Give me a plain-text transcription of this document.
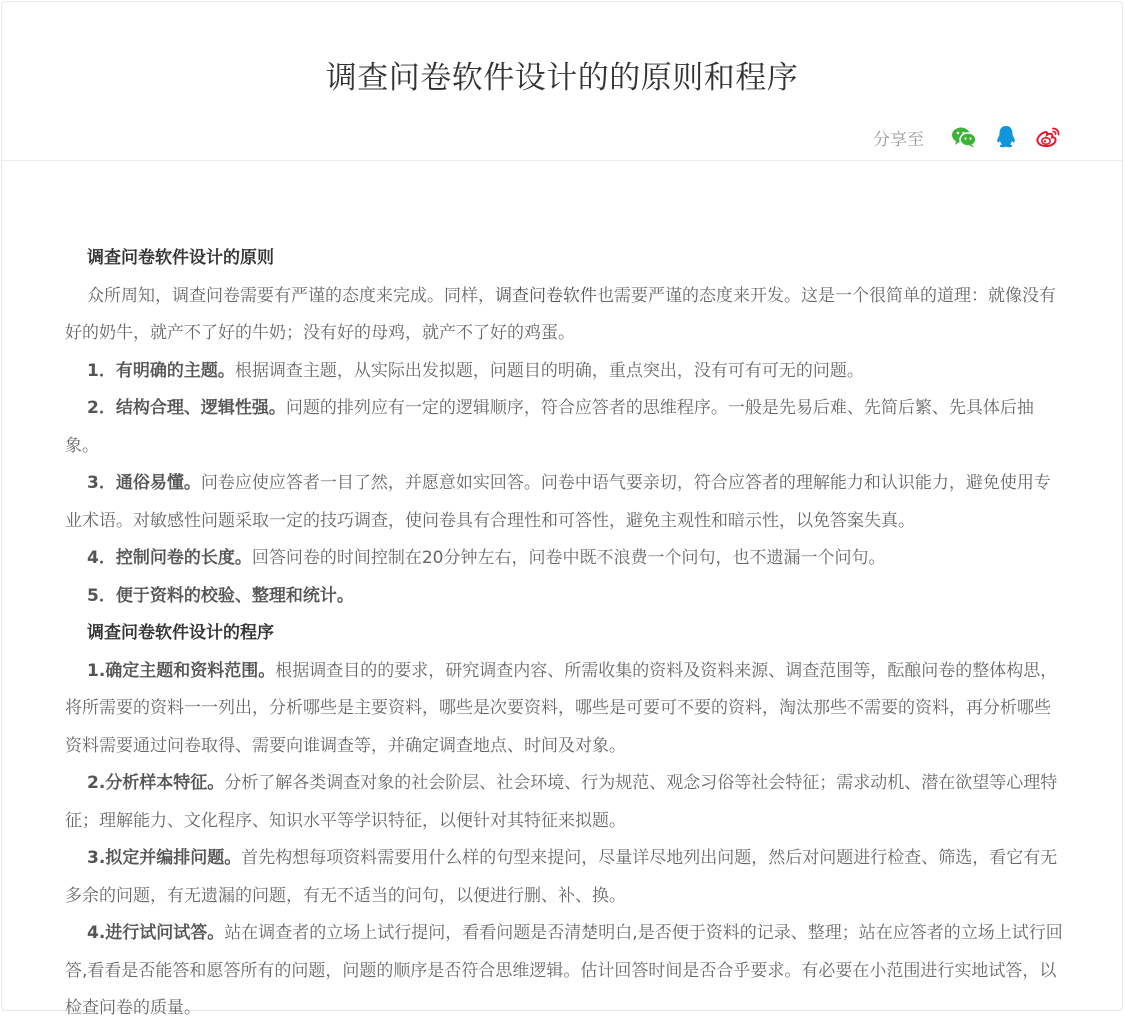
调查问卷软件设计的的原则和程序
分享至

调查问卷软件设计的原则

众所周知，调查问卷需要有严谨的态度来完成。同样，调查问卷软件也需要严谨的态度来开发。这是一个很简单的道理：就像没有好的奶牛，就产不了好的牛奶；没有好的母鸡，就产不了好的鸡蛋。

1．有明确的主题。根据调查主题，从实际出发拟题，问题目的明确，重点突出，没有可有可无的问题。

2．结构合理、逻辑性强。问题的排列应有一定的逻辑顺序，符合应答者的思维程序。一般是先易后难、先简后繁、先具体后抽象。

3．通俗易懂。问卷应使应答者一目了然，并愿意如实回答。问卷中语气要亲切，符合应答者的理解能力和认识能力，避免使用专业术语。对敏感性问题采取一定的技巧调查，使问卷具有合理性和可答性，避免主观性和暗示性，以免答案失真。

4．控制问卷的长度。回答问卷的时间控制在20分钟左右，问卷中既不浪费一个问句，也不遗漏一个问句。

5．便于资料的校验、整理和统计。

调查问卷软件设计的程序

1.确定主题和资料范围。根据调查目的的要求，研究调查内容、所需收集的资料及资料来源、调查范围等，酝酿问卷的整体构思，将所需要的资料一一列出，分析哪些是主要资料，哪些是次要资料，哪些是可要可不要的资料，淘汰那些不需要的资料，再分析哪些资料需要通过问卷取得、需要向谁调查等，并确定调查地点、时间及对象。

2.分析样本特征。分析了解各类调查对象的社会阶层、社会环境、行为规范、观念习俗等社会特征；需求动机、潜在欲望等心理特征；理解能力、文化程序、知识水平等学识特征，以便针对其特征来拟题。

3.拟定并编排问题。首先构想每项资料需要用什么样的句型来提问，尽量详尽地列出问题，然后对问题进行检查、筛选，看它有无多余的问题，有无遗漏的问题，有无不适当的问句，以便进行删、补、换。

4.进行试问试答。站在调查者的立场上试行提问，看看问题是否清楚明白,是否便于资料的记录、整理；站在应答者的立场上试行回答,看看是否能答和愿答所有的问题，问题的顺序是否符合思维逻辑。估计回答时间是否合乎要求。有必要在小范围进行实地试答，以检查问卷的质量。
